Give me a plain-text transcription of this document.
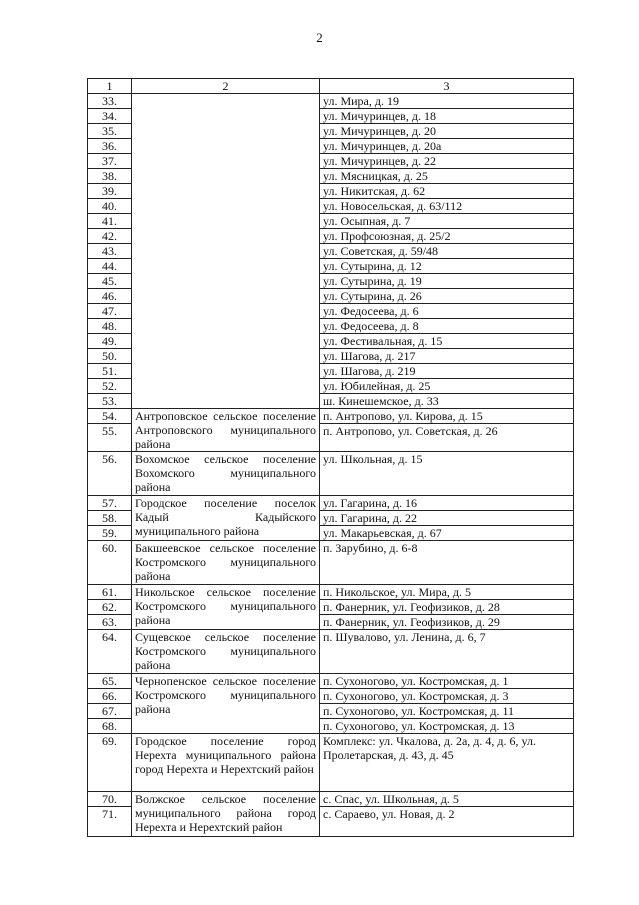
2
1	2	3
33.		ул. Мира, д. 19
34.		ул. Мичуринцев, д. 18
35.		ул. Мичуринцев, д. 20
36.		ул. Мичуринцев, д. 20а
37.		ул. Мичуринцев, д. 22
38.		ул. Мясницкая, д. 25
39.		ул. Никитская, д. 62
40.		ул. Новосельская, д. 63/112
41.		ул. Осыпная, д. 7
42.		ул. Профсоюзная, д. 25/2
43.		ул. Советская, д. 59/48
44.		ул. Сутырина, д. 12
45.		ул. Сутырина, д. 19
46.		ул. Сутырина, д. 26
47.		ул. Федосеева, д. 6
48.		ул. Федосеева, д. 8
49.		ул. Фестивальная, д. 15
50.		ул. Шагова, д. 217
51.		ул. Шагова, д. 219
52.		ул. Юбилейная, д. 25
53.		ш. Кинешемское, д. 33
54.	Антроповское сельское поселение Антроповского муниципального района	п. Антропово, ул. Кирова, д. 15
55.		п. Антропово, ул. Советская, д. 26
56.	Вохомское сельское поселение Вохомского муниципального района	ул. Школьная, д. 15
57.	Городское поселение поселок Кадый Кадыйского муниципального района	ул. Гагарина, д. 16
58.		ул. Гагарина, д. 22
59.		ул. Макарьевская, д. 67
60.	Бакшеевское сельское поселение Костромского муниципального района	п. Зарубино, д. 6-8
61.	Никольское сельское поселение Костромского муниципального района	п. Никольское, ул. Мира, д. 5
62.		п. Фанерник, ул. Геофизиков, д. 28
63.		п. Фанерник, ул. Геофизиков, д. 29
64.	Сущевское сельское поселение Костромского муниципального района	п. Шувалово, ул. Ленина, д. 6, 7
65.	Чернопенское сельское поселение Костромского муниципального района	п. Сухоногово, ул. Костромская, д. 1
66.		п. Сухоногово, ул. Костромская, д. 3
67.		п. Сухоногово, ул. Костромская, д. 11
68.		п. Сухоногово, ул. Костромская, д. 13
69.	Городское поселение город Нерехта муниципального района город Нерехта и Нерехтский район	Комплекс: ул. Чкалова, д. 2а, д. 4, д. 6, ул. Пролетарская, д. 43, д. 45
70.	Волжское сельское поселение муниципального района город Нерехта и Нерехтский район	с. Спас, ул. Школьная, д. 5
71.		с. Сараево, ул. Новая, д. 2
